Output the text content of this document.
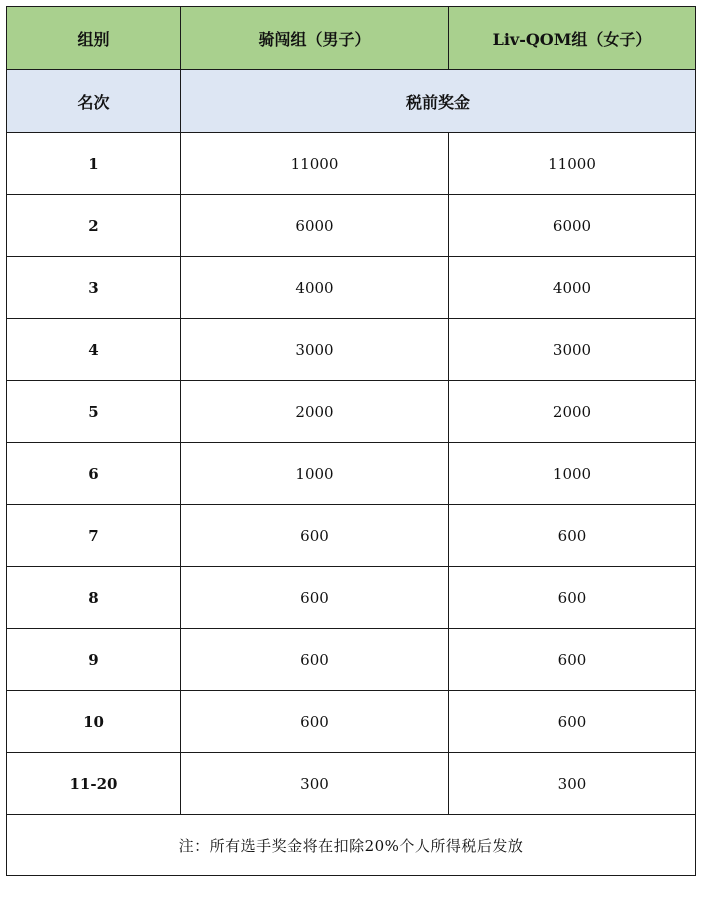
组别	骑闯组（男子）	Liv-QOM组（女子）
名次	税前奖金	
1	11000	11000
2	6000	6000
3	4000	4000
4	3000	3000
5	2000	2000
6	1000	1000
7	600	600
8	600	600
9	600	600
10	600	600
11-20	300	300
注：所有选手奖金将在扣除20%个人所得税后发放		
